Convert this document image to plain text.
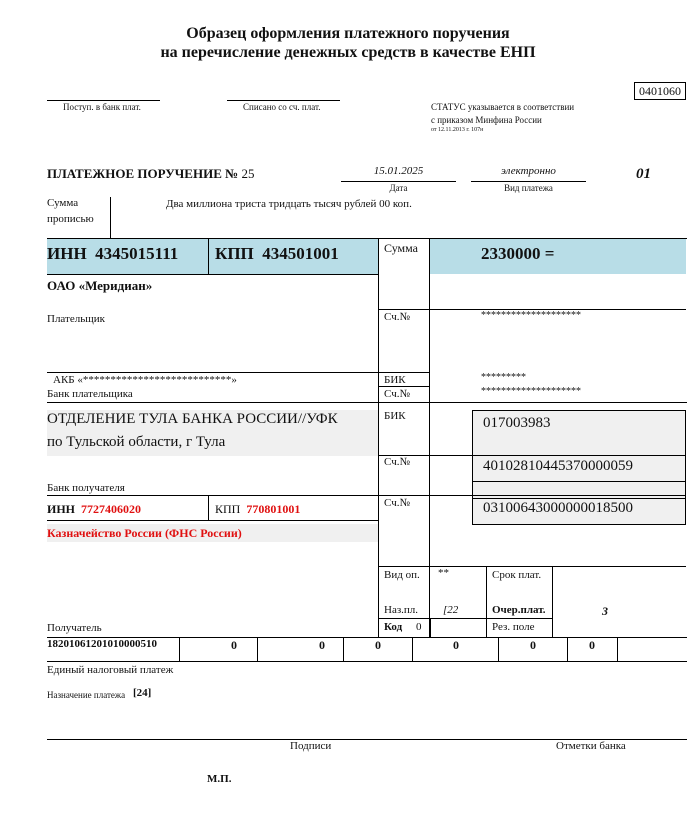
Образец оформления платежного поручения
на перечисление денежных средств в качестве ЕНП
0401060
Поступ. в банк плат.	Списано со сч. плат.	СТАТУС указывается в соответствии
с приказом Минфина России
от 12.11.2013 г. 107н
ПЛАТЕЖНОЕ ПОРУЧЕНИЕ № 25	15.01.2025
Дата
электронно
Вид платежа
01
Сумма
прописью
Два миллиона триста тридцать тысяч рублей 00 коп.
ИНН 4345015111 КПП 434501001	Сумма	2330000 =
ОАО «Меридиан»
Плательщик	Сч.№	********************
АКБ «***************************»	БИК	*********
Банк плательщика	Сч.№	********************
ОТДЕЛЕНИЕ ТУЛА БАНКА РОССИИ//УФК
по Тульской области, г Тула
БИК	017003983
Сч.№	40102810445370000059
Банк получателя
ИНН 7727406020	КПП 770801001	Сч.№	03100643000000018500
Казначейство России (ФНС России)
Вид оп. **	Срок плат.
Наз.пл. [22	Очер.плат.	3
Код 0	Рез. поле
Получатель
18201061201010000510	0	0	0	0	0	0
Единый налоговый платеж
Назначение платежа [24]
Подписи	Отметки банка
М.П.
